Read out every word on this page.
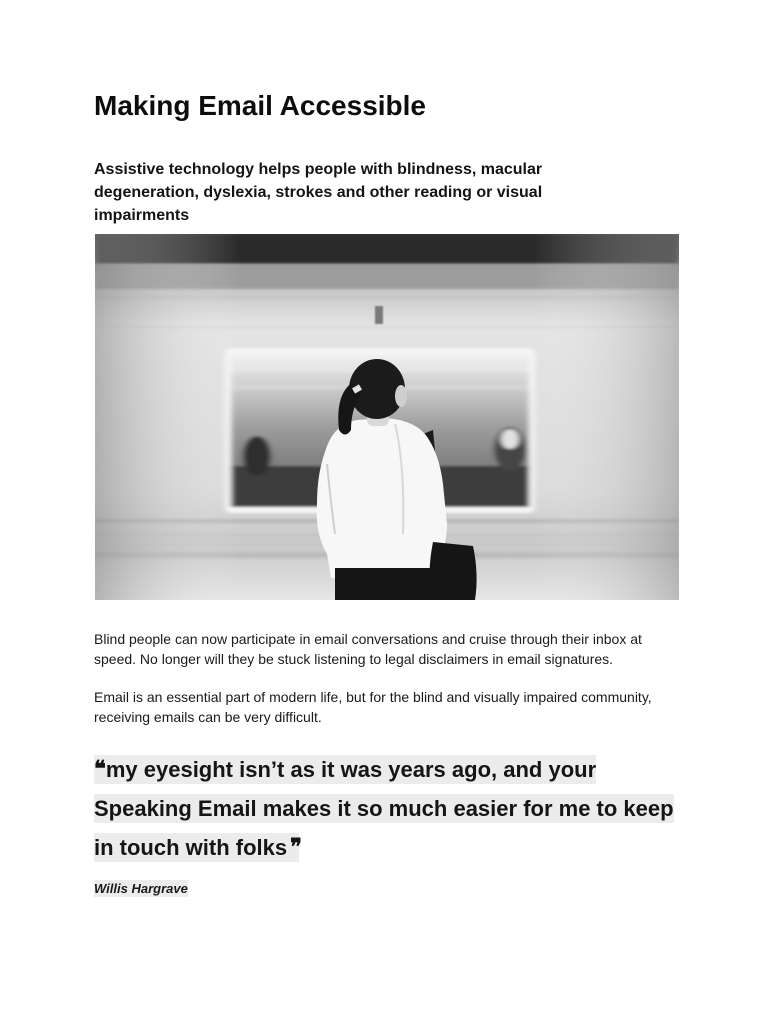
Making Email Accessible

Assistive technology helps people with blindness, macular degeneration, dyslexia, strokes and other reading or visual impairments

Blind people can now participate in email conversations and cruise through their inbox at speed. No longer will they be stuck listening to legal disclaimers in email signatures.

Email is an essential part of modern life, but for the blind and visually impaired community, receiving emails can be very difficult.

❝ my eyesight isn’t as it was years ago, and your Speaking Email makes it so much easier for me to keep in touch with folks ❞

Willis Hargrave
